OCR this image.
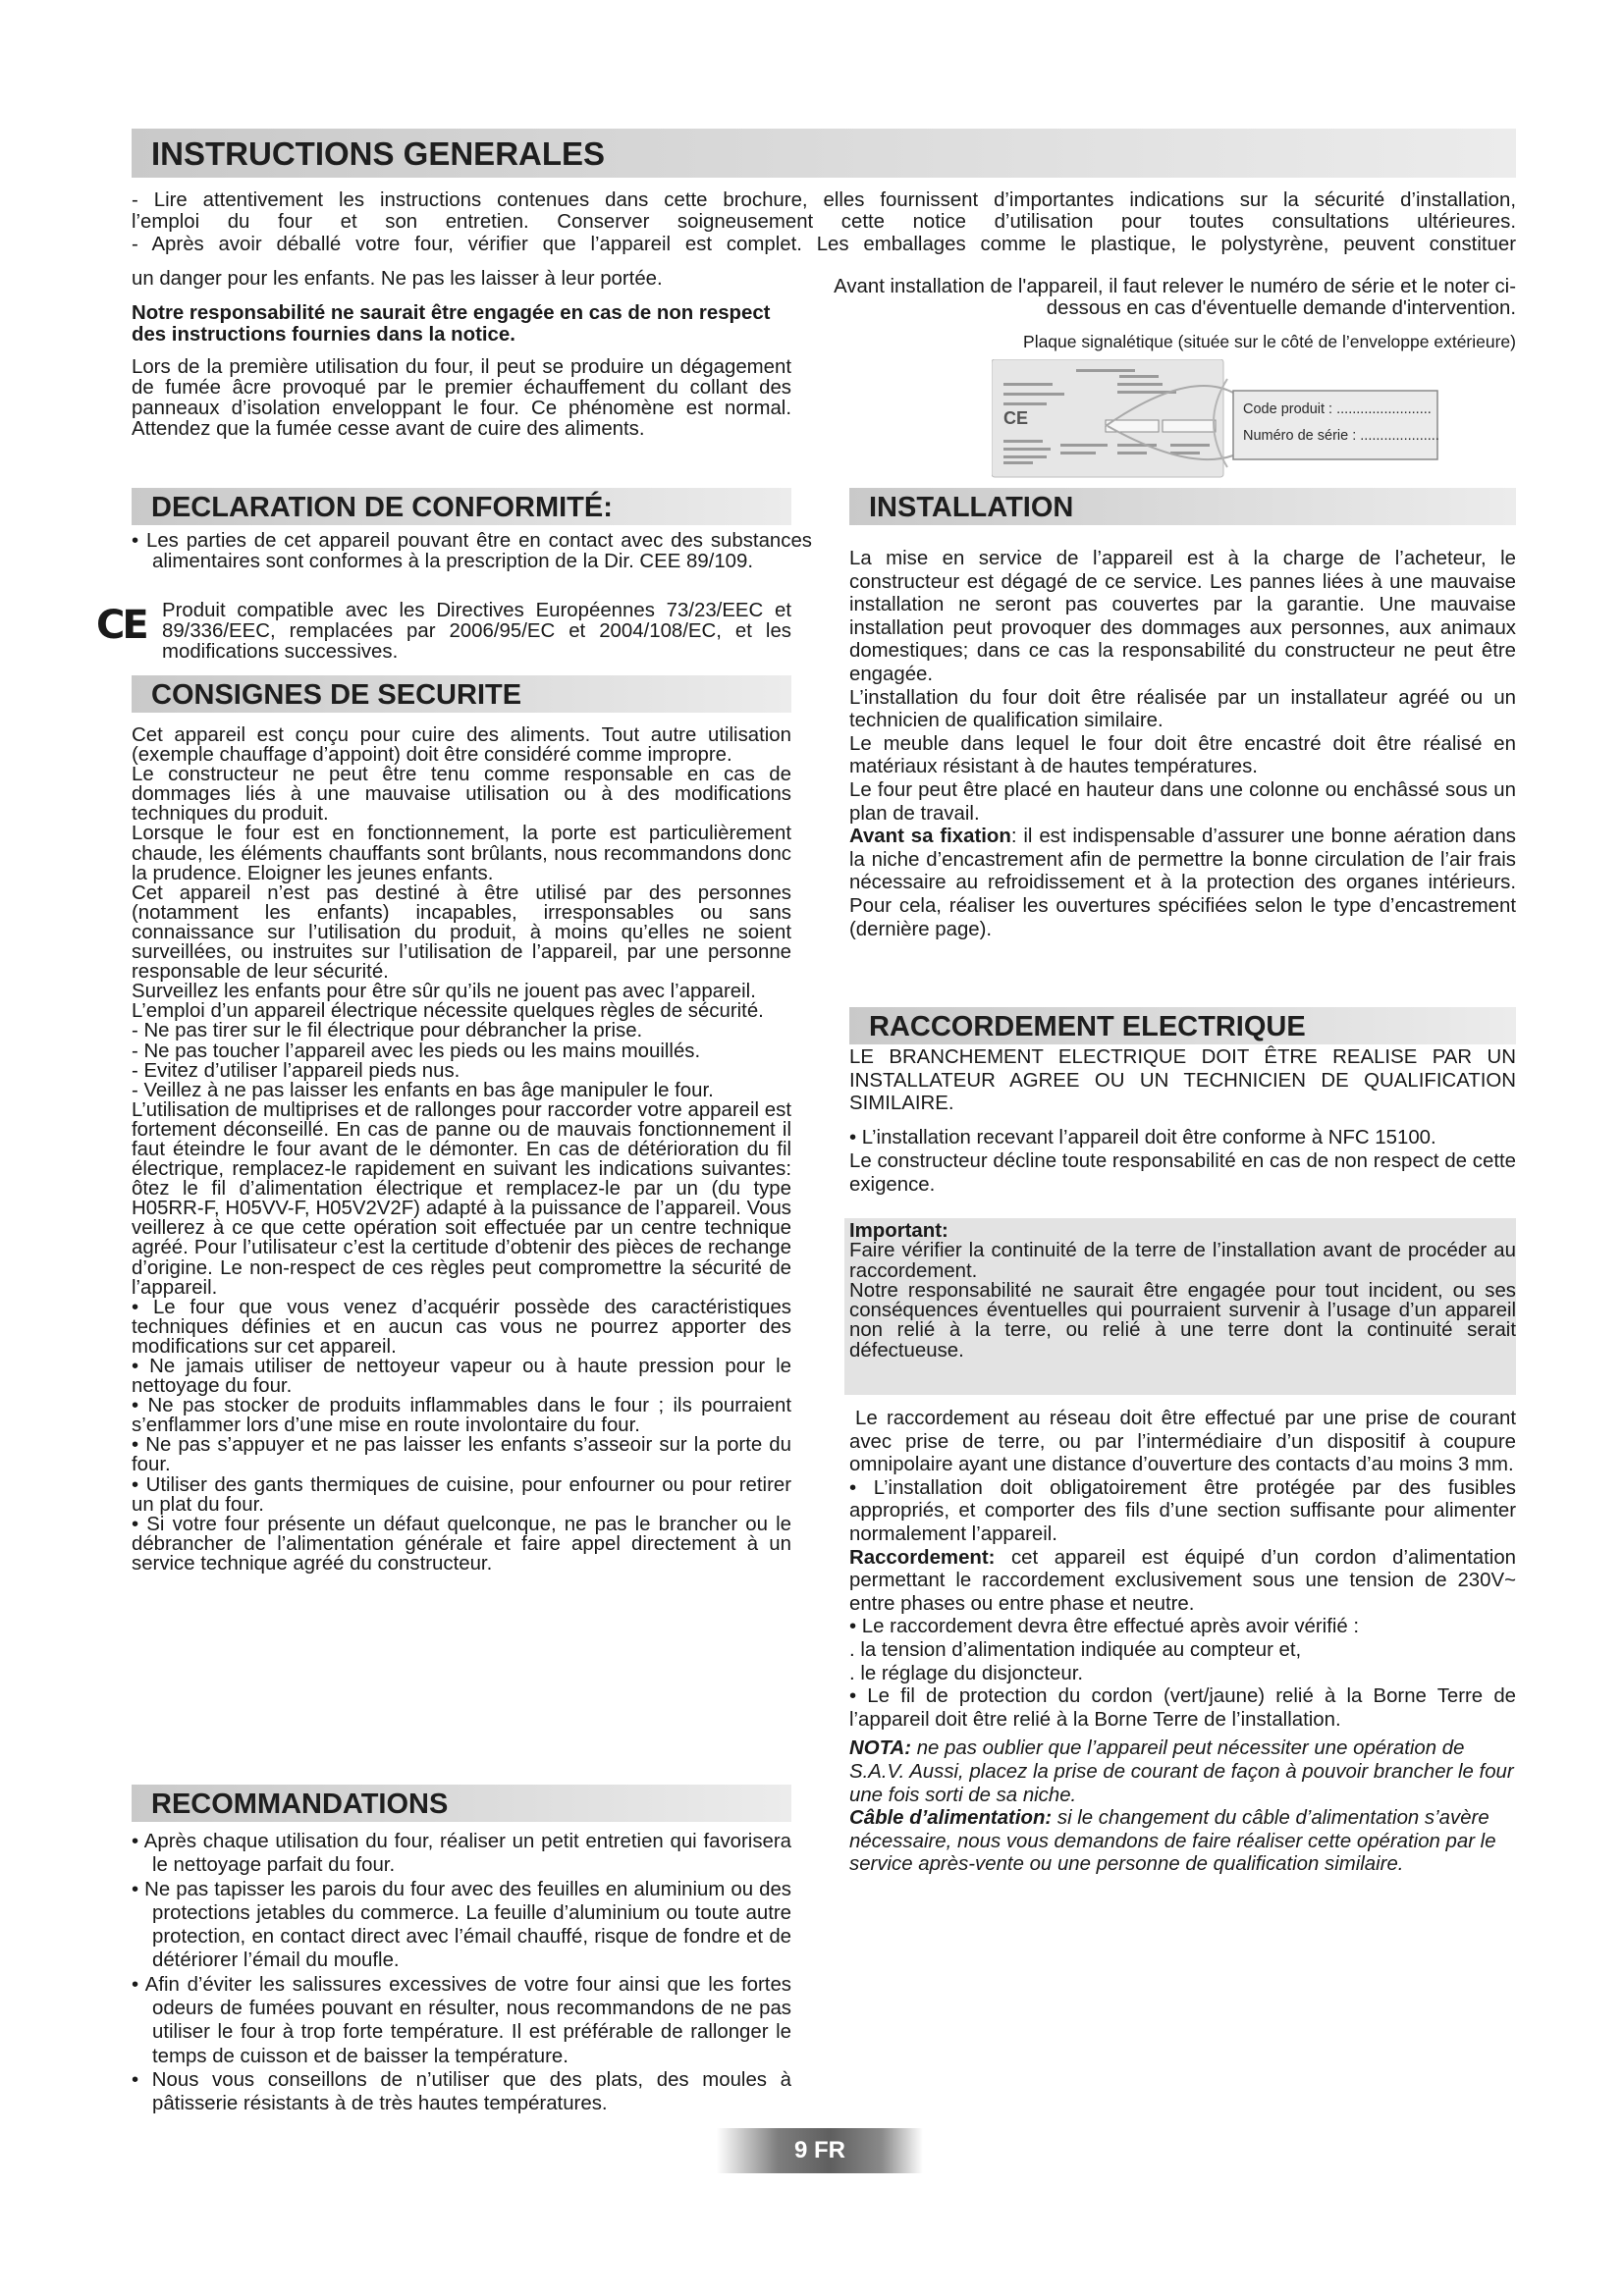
INSTRUCTIONS GENERALES

- Lire attentivement les instructions contenues dans cette brochure, elles fournissent d’importantes indications sur la sécurité d’installation,

l’emploi du four et son entretien. Conserver soigneusement cette notice d’utilisation pour toutes consultations ultérieures.

- Après avoir déballé votre four, vérifier que l’appareil est complet. Les emballages comme le plastique, le polystyrène, peuvent constituer

un danger pour les enfants. Ne pas les laisser à leur portée.
Notre responsabilité ne saurait être engagée en cas de non respect des instructions fournies dans la notice.
Lors de la première utilisation du four, il peut se produire un dégagement de fumée âcre provoqué par le premier échauffement du collant des panneaux d’isolation enveloppant le four. Ce phénomène est normal. Attendez que la fumée cesse avant de cuire des aliments.
Avant installation de l'appareil, il faut relever le numéro de série et le noter ci-dessous en cas d'éventuelle demande d'intervention.
Plaque signalétique (située sur le côté de l’enveloppe extérieure)
CE	Code produit : ........................
Numéro de série : ....................
DECLARATION DE CONFORMITÉ:
• Les parties de cet appareil pouvant être en contact avec des substances alimentaires sont conformes à la prescription de la Dir. CEE 89/109.
CE Produit compatible avec les Directives Européennes 73/23/EEC et 89/336/EEC, remplacées par 2006/95/EC et 2004/108/EC, et les modifications successives.
CONSIGNES DE SECURITE

Cet appareil est conçu pour cuire des aliments. Tout autre utilisation (exemple chauffage d’appoint) doit être considéré comme impropre.

Le constructeur ne peut être tenu comme responsable en cas de dommages liés à une mauvaise utilisation ou à des modifications techniques du produit.

Lorsque le four est en fonctionnement, la porte est particulièrement chaude, les éléments chauffants sont brûlants, nous recommandons donc la prudence. Eloigner les jeunes enfants.

Cet appareil n’est pas destiné à être utilisé par des personnes (notamment les enfants) incapables, irresponsables ou sans connaissance sur l’utilisation du produit, à moins qu’elles ne soient surveillées, ou instruites sur l’utilisation de l’appareil, par une personne responsable de leur sécurité.

Surveillez les enfants pour être sûr qu’ils ne jouent pas avec l’appareil.

L’emploi d’un appareil électrique nécessite quelques règles de sécurité.

- Ne pas tirer sur le fil électrique pour débrancher la prise.

- Ne pas toucher l’appareil avec les pieds ou les mains mouillés.

- Evitez d’utiliser l’appareil pieds nus.

- Veillez à ne pas laisser les enfants en bas âge manipuler le four.

L’utilisation de multiprises et de rallonges pour raccorder votre appareil est fortement déconseillé. En cas de panne ou de mauvais fonctionnement il faut éteindre le four avant de le démonter. En cas de détérioration du fil électrique, remplacez-le rapidement en suivant les indications suivantes: ôtez le fil d’alimentation électrique et remplacez-le par un (du type H05RR-F, H05VV-F, H05V2V2F) adapté à la puissance de l’appareil. Vous veillerez à ce que cette opération soit effectuée par un centre technique agréé. Pour l’utilisateur c’est la certitude d’obtenir des pièces de rechange d’origine. Le non-respect de ces règles peut compromettre la sécurité de l’appareil.

• Le four que vous venez d’acquérir possède des caractéristiques techniques définies et en aucun cas vous ne pourrez apporter des modifications sur cet appareil.

• Ne jamais utiliser de nettoyeur vapeur ou à haute pression pour le nettoyage du four.

• Ne pas stocker de produits inflammables dans le four ; ils pourraient s’enflammer lors d’une mise en route involontaire du four.

• Ne pas s’appuyer et ne pas laisser les enfants s’asseoir sur la porte du four.

• Utiliser des gants thermiques de cuisine, pour enfourner ou pour retirer un plat du four.

• Si votre four présente un défaut quelconque, ne pas le brancher ou le débrancher de l’alimentation générale et faire appel directement à un service technique agréé du constructeur.

RECOMMANDATIONS

• Après chaque utilisation du four, réaliser un petit entretien qui favorisera le nettoyage parfait du four.

• Ne pas tapisser les parois du four avec des feuilles en aluminium ou des protections jetables du commerce. La feuille d’aluminium ou toute autre protection, en contact direct avec l’émail chauffé, risque de fondre et de détériorer l’émail du moufle.

• Afin d’éviter les salissures excessives de votre four ainsi que les fortes odeurs de fumées pouvant en résulter, nous recommandons de ne pas utiliser le four à trop forte température. Il est préférable de rallonger le temps de cuisson et de baisser la température.

• Nous vous conseillons de n’utiliser que des plats, des moules à pâtisserie résistants à de très hautes températures.

INSTALLATION

La mise en service de l’appareil est à la charge de l’acheteur, le constructeur est dégagé de ce service. Les pannes liées à une mauvaise installation ne seront pas couvertes par la garantie. Une mauvaise installation peut provoquer des dommages aux personnes, aux animaux domestiques; dans ce cas la responsabilité du constructeur ne peut être engagée.

L’installation du four doit être réalisée par un installateur agréé ou un technicien de qualification similaire.

Le meuble dans lequel le four doit être encastré doit être réalisé en matériaux résistant à de hautes températures.

Le four peut être placé en hauteur dans une colonne ou enchâssé sous un plan de travail.

Avant sa fixation: il est indispensable d’assurer une bonne aération dans la niche d’encastrement afin de permettre la bonne circulation de l’air frais nécessaire au refroidissement et à la protection des organes intérieurs. Pour cela, réaliser les ouvertures spécifiées selon le type d’encastrement (dernière page).

RACCORDEMENT ELECTRIQUE
LE BRANCHEMENT ELECTRIQUE DOIT ÊTRE REALISE PAR UN INSTALLATEUR AGREE OU UN TECHNICIEN DE QUALIFICATION SIMILAIRE.
• L’installation recevant l’appareil doit être conforme à NFC 15100.
Le constructeur décline toute responsabilité en cas de non respect de cette exigence.

Important:

Faire vérifier la continuité de la terre de l’installation avant de procéder au raccordement.

Notre responsabilité ne saurait être engagée pour tout incident, ou ses conséquences éventuelles qui pourraient survenir à l’usage d’un appareil non relié à la terre, ou relié à une terre dont la continuité serait défectueuse.

Le raccordement au réseau doit être effectué par une prise de courant avec prise de terre, ou par l’intermédiaire d’un dispositif à coupure omnipolaire ayant une distance d’ouverture des contacts d’au moins 3 mm.

• L’installation doit obligatoirement être protégée par des fusibles appropriés, et comporter des fils d’une section suffisante pour alimenter normalement l’appareil.

Raccordement: cet appareil est équipé d’un cordon d’alimentation permettant le raccordement exclusivement sous une tension de 230V~ entre phases ou entre phase et neutre.

• Le raccordement devra être effectué après avoir vérifié :

. la tension d’alimentation indiquée au compteur et,

. le réglage du disjoncteur.

• Le fil de protection du cordon (vert/jaune) relié à la Borne Terre de l’appareil doit être relié à la Borne Terre de l’installation.

NOTA: ne pas oublier que l’appareil peut nécessiter une opération de S.A.V. Aussi, placez la prise de courant de façon à pouvoir brancher le four une fois sorti de sa niche.

Câble d’alimentation: si le changement du câble d’alimentation s’avère nécessaire, nous vous demandons de faire réaliser cette opération par le service après-vente ou une personne de qualification similaire.

9 FR
